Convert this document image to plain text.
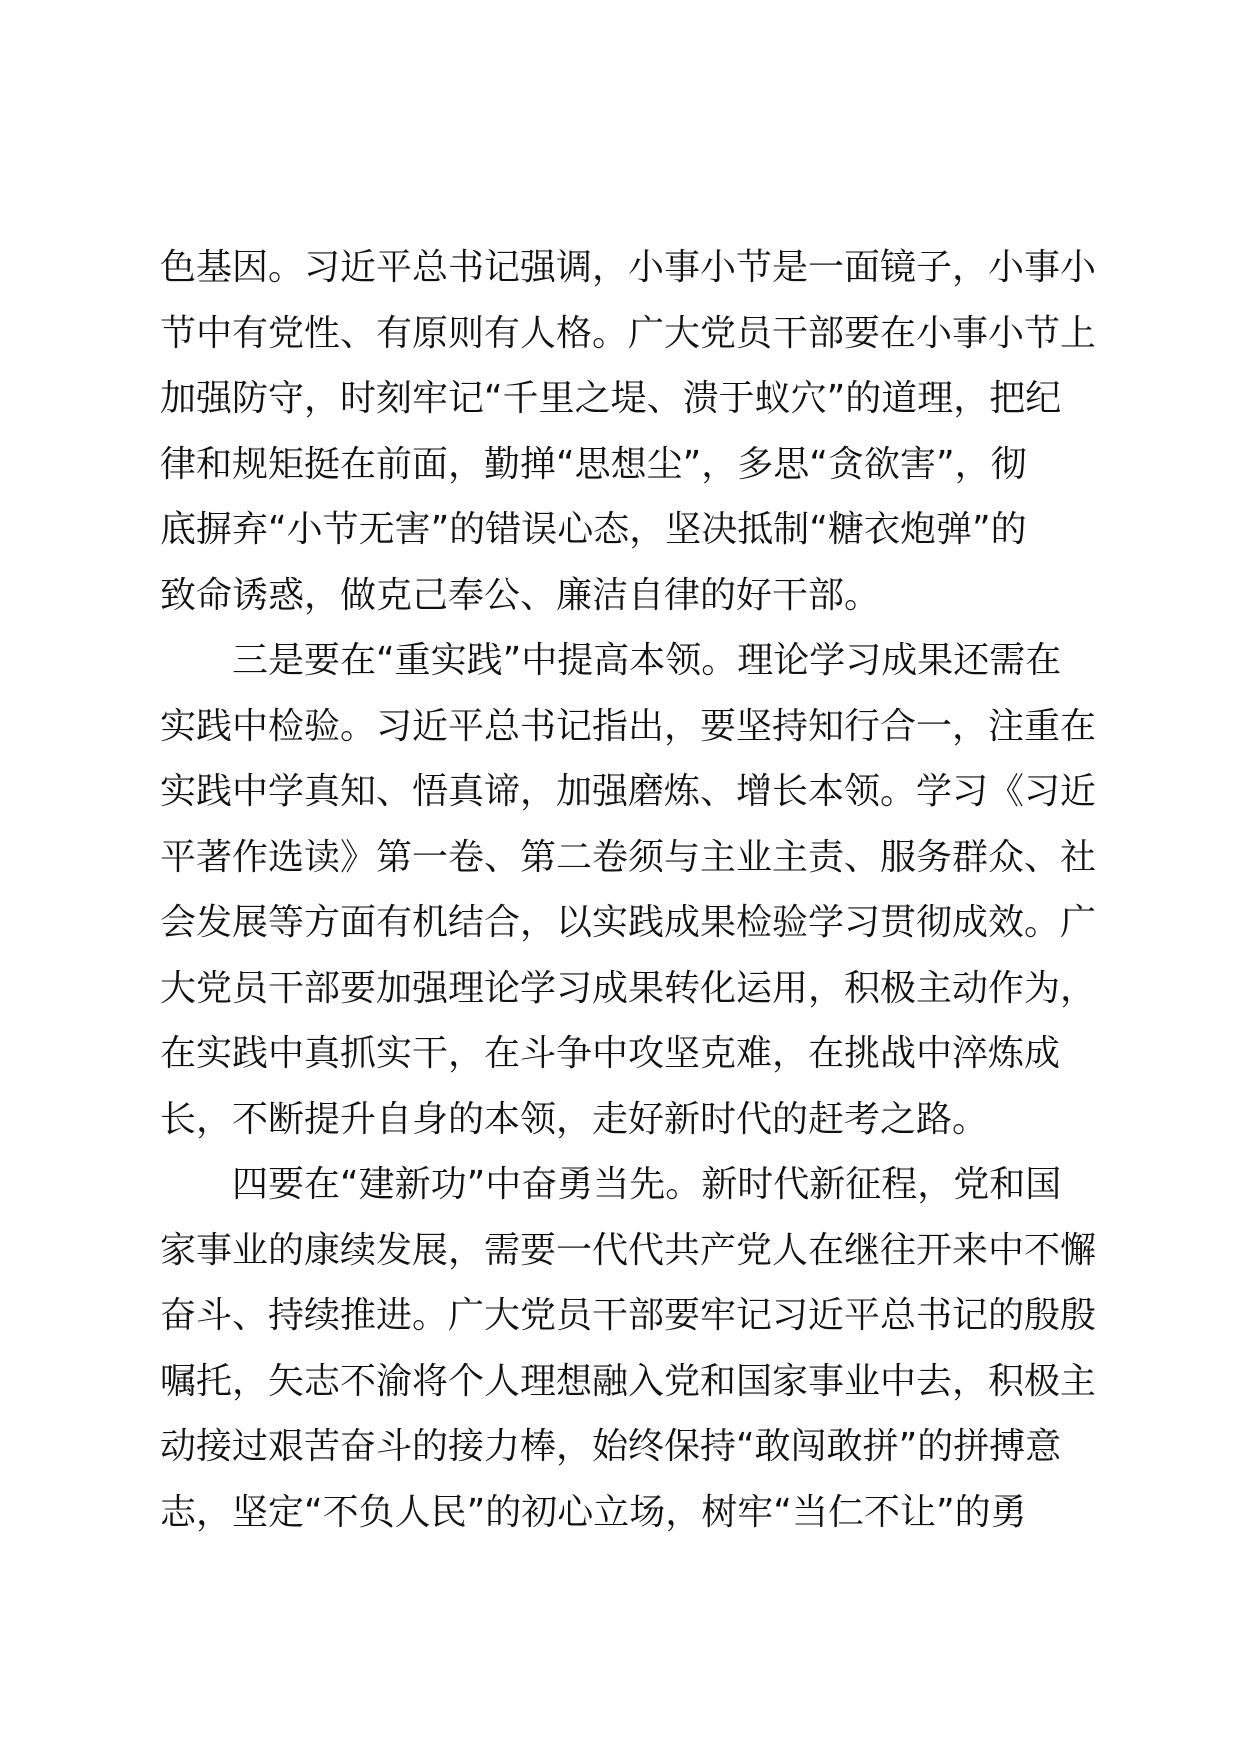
色基因。习近平总书记强调，小事小节是一面镜子，小事小
节中有党性、有原则有人格。广大党员干部要在小事小节上
加强防守，时刻牢记“千里之堤、溃于蚁穴”的道理，把纪
律和规矩挺在前面，勤掸“思想尘”，多思“贪欲害”，彻
底摒弃“小节无害”的错误心态，坚决抵制“糖衣炮弹”的
致命诱惑，做克己奉公、廉洁自律的好干部。
三是要在“重实践”中提高本领。理论学习成果还需在
实践中检验。习近平总书记指出，要坚持知行合一，注重在
实践中学真知、悟真谛，加强磨炼、增长本领。学习《习近
平著作选读》第一卷、第二卷须与主业主责、服务群众、社
会发展等方面有机结合，以实践成果检验学习贯彻成效。广
大党员干部要加强理论学习成果转化运用，积极主动作为，
在实践中真抓实干，在斗争中攻坚克难，在挑战中淬炼成
长，不断提升自身的本领，走好新时代的赶考之路。
四要在“建新功”中奋勇当先。新时代新征程，党和国
家事业的康续发展，需要一代代共产党人在继往开来中不懈
奋斗、持续推进。广大党员干部要牢记习近平总书记的殷殷
嘱托，矢志不渝将个人理想融入党和国家事业中去，积极主
动接过艰苦奋斗的接力棒，始终保持“敢闯敢拼”的拼搏意
志，坚定“不负人民”的初心立场，树牢“当仁不让”的勇
